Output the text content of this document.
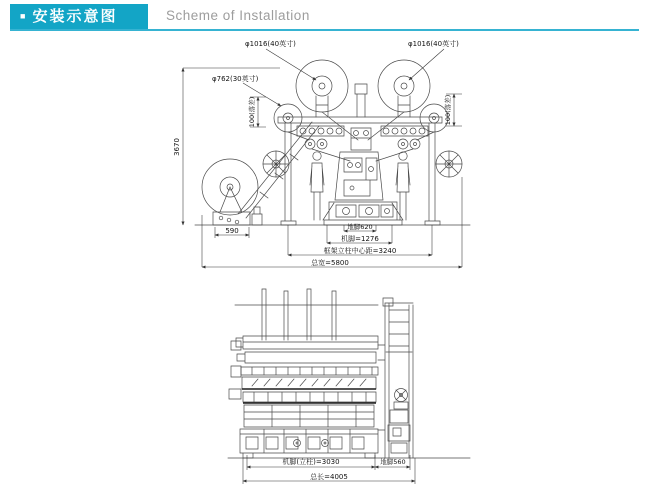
■ 安装示意图	Scheme of Installation
3670
φ762(30英寸)
φ1016(40英寸)	φ1016(40英寸)
100(落差)	100(落差)
590	地脚620
机脚=1276
框架立柱中心距=3240
总宽=5800
机脚(立柱)=3030	地脚560
总长=4005
